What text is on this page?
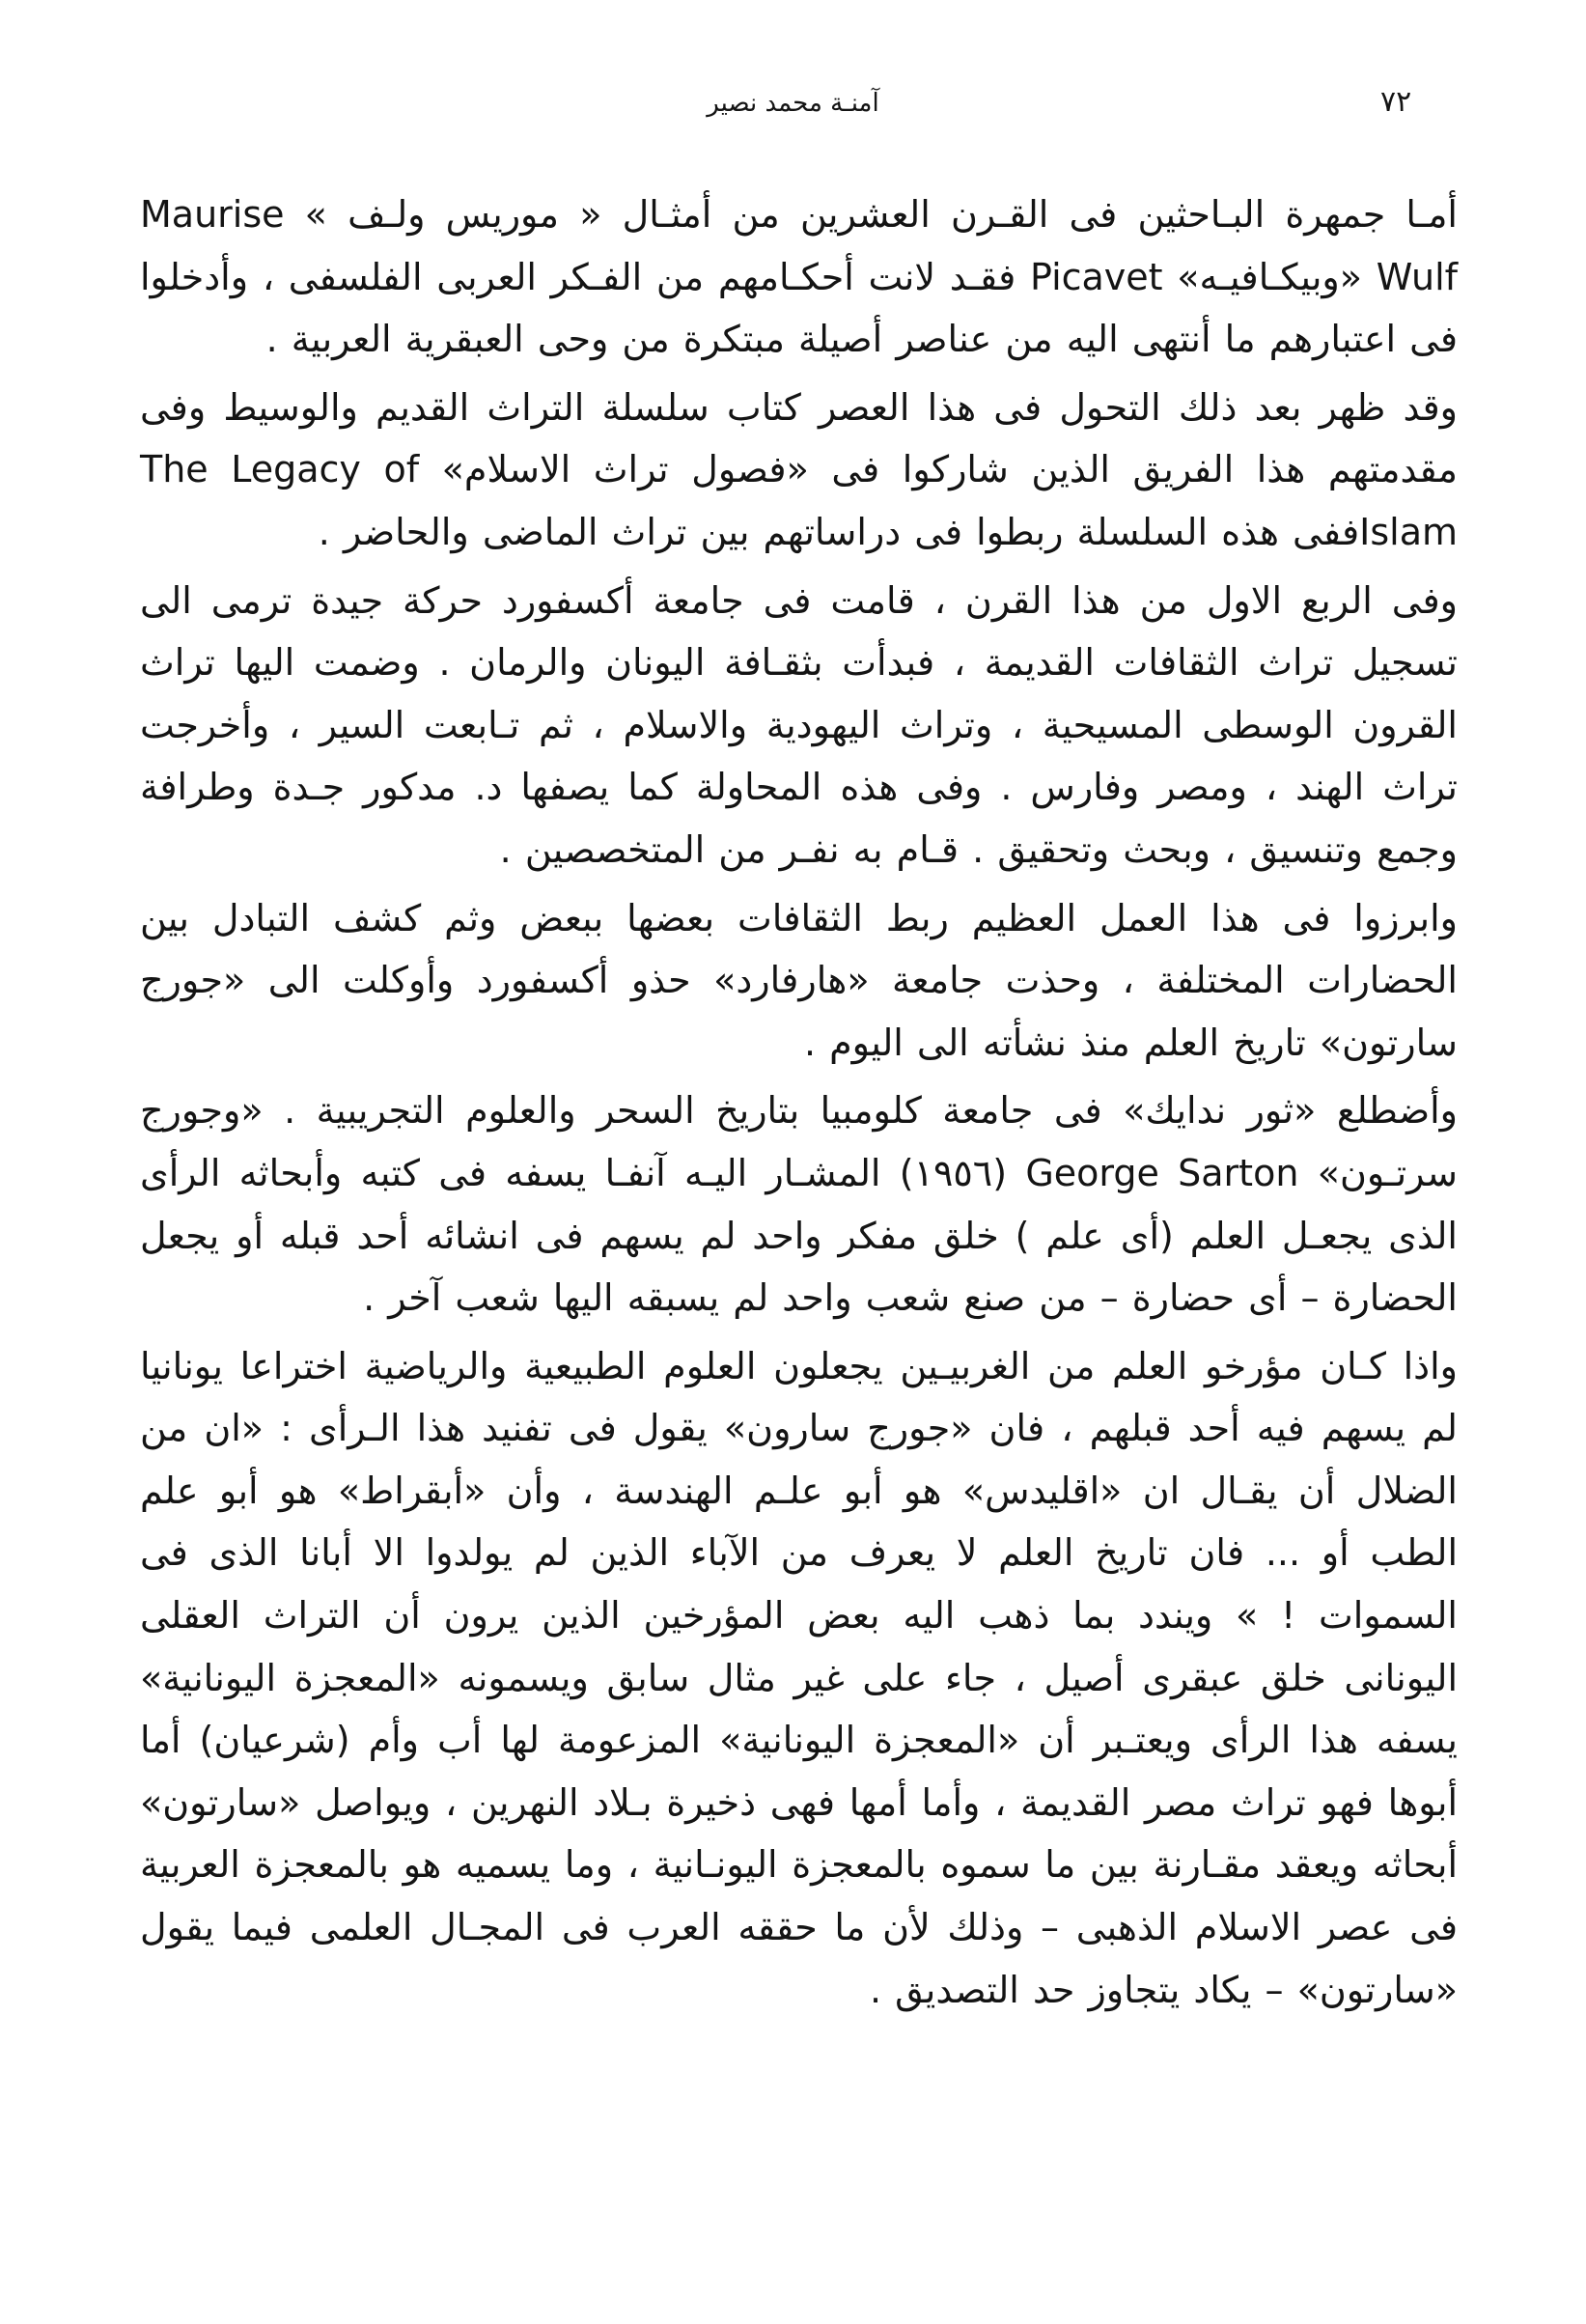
٧٢
آمنـة محمد نصير

أمـا جمهرة البـاحثين فى القـرن العشرين من أمثـال « موريس ولـف » Maurise Wulf «وبيكـافيـه» Picavet فقـد لانت أحكـامهم من الفـكر العربى الفلسفى ، وأدخلوا فى اعتبارهم ما أنتهى اليه من عناصر أصيلة مبتكرة من وحى العبقرية العربية .

وقد ظهر بعد ذلك التحول فى هذا العصر كتاب سلسلة التراث القديم والوسيط وفى مقدمتهم هذا الفريق الذين شاركوا فى «فصول تراث الاسلام» The Legacy of Islamففى هذه السلسلة ربطوا فى دراساتهم بين تراث الماضى والحاضر .

وفى الربع الاول من هذا القرن ، قامت فى جامعة أكسفورد حركة جيدة ترمى الى تسجيل تراث الثقافات القديمة ، فبدأت بثقـافة اليونان والرمان . وضمت اليها تراث القرون الوسطى المسيحية ، وتراث اليهودية والاسلام ، ثم تـابعت السير ، وأخرجت تراث الهند ، ومصر وفارس . وفى هذه المحاولة كما يصفها د. مدكور جـدة وطرافة وجمع وتنسيق ، وبحث وتحقيق . قـام به نفـر من المتخصصين .

وابرزوا فى هذا العمل العظيم ربط الثقافات بعضها ببعض وثم كشف التبادل بين الحضارات المختلفة ، وحذت جامعة «هارفارد» حذو أكسفورد وأوكلت الى «جورج سارتون» تاريخ العلم منذ نشأته الى اليوم .

وأضطلع «ثور ندايك» فى جامعة كلومبيا بتاريخ السحر والعلوم التجريبية . «وجورج سرتـون» George Sarton (١٩٥٦) المشـار اليـه آنفـا يسفه فى كتبه وأبحاثه الرأى الذى يجعـل العلم (أى علم ) خلق مفكر واحد لم يسهم فى انشائه أحد قبله أو يجعل الحضارة – أى حضارة – من صنع شعب واحد لم يسبقه اليها شعب آخر .

واذا كـان مؤرخو العلم من الغربيـين يجعلون العلوم الطبيعية والرياضية اختراعا يونانيا لم يسهم فيه أحد قبلهم ، فان «جورج سارون» يقول فى تفنيد هذا الـرأى : «ان من الضلال أن يقـال ان «اقليدس» هو أبو علـم الهندسة ، وأن «أبقراط» هو أبو علم الطب أو ... فان تاريخ العلم لا يعرف من الآباء الذين لم يولدوا الا أبانا الذى فى السموات ! » ويندد بما ذهب اليه بعض المؤرخين الذين يرون أن التراث العقلى اليونانى خلق عبقرى أصيل ، جاء على غير مثال سابق ويسمونه «المعجزة اليونانية» يسفه هذا الرأى ويعتـبر أن «المعجزة اليونانية» المزعومة لها أب وأم (شرعيان) أما أبوها فهو تراث مصر القديمة ، وأما أمها فهى ذخيرة بـلاد النهرين ، ويواصل «سارتون» أبحاثه ويعقد مقـارنة بين ما سموه بالمعجزة اليونـانية ، وما يسميه هو بالمعجزة العربية فى عصر الاسلام الذهبى – وذلك لأن ما حققه العرب فى المجـال العلمى فيما يقول «سارتون» – يكاد يتجاوز حد التصديق .
